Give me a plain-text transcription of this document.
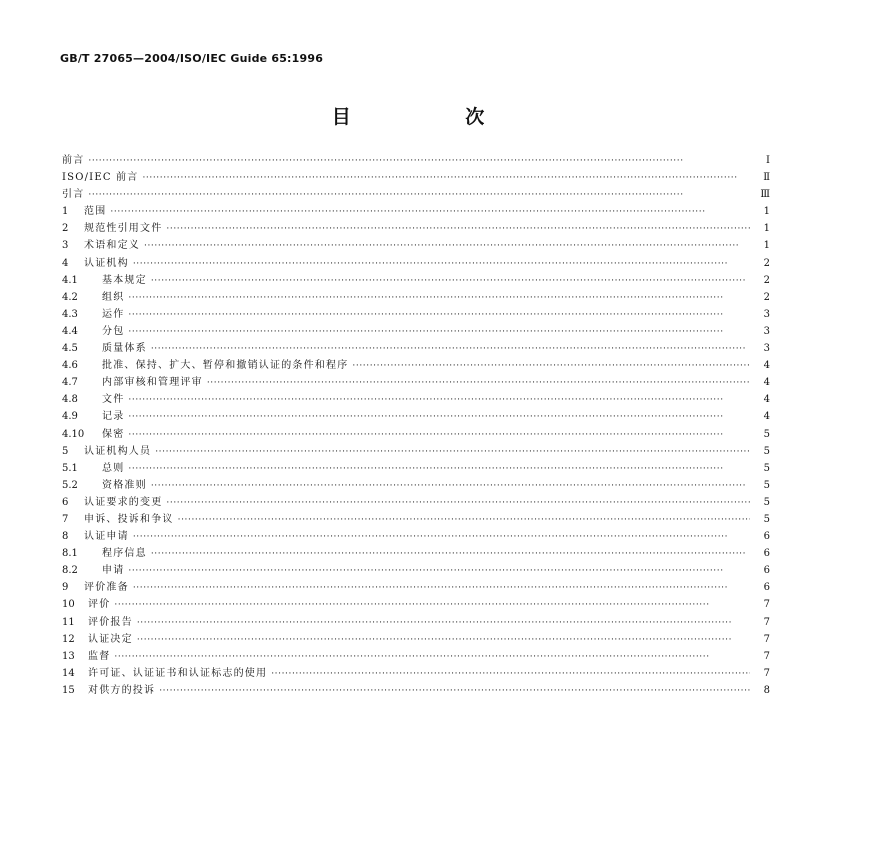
GB/T 27065—2004/ISO/IEC Guide 65:1996
目 次
前言 ·····	Ⅰ
ISO/IEC 前言 ·····	Ⅱ
引言 ·····	Ⅲ
1	范围 ·····	1
2	规范性引用文件 ·····	1
3	术语和定义 ·····	1
4	认证机构 ·····	2
4.1	基本规定 ·····	2
4.2	组织 ·····	2
4.3	运作 ·····	3
4.4	分包 ·····	3
4.5	质量体系 ·····	3
4.6	批准、保持、扩大、暂停和撤销认证的条件和程序 ·····	4
4.7	内部审核和管理评审 ·····	4
4.8	文件 ·····	4
4.9	记录 ·····	4
4.10	保密 ·····	5
5	认证机构人员 ·····	5
5.1	总则 ·····	5
5.2	资格准则 ·····	5
6	认证要求的变更 ·····	5
7	申诉、投诉和争议 ·····	5
8	认证申请 ·····	6
8.1	程序信息 ·····	6
8.2	申请 ·····	6
9	评价准备 ·····	6
10	评价 ·····	7
11	评价报告 ·····	7
12	认证决定 ·····	7
13	监督 ·····	7
14	许可证、认证证书和认证标志的使用 ·····	7
15	对供方的投诉 ·····	8
